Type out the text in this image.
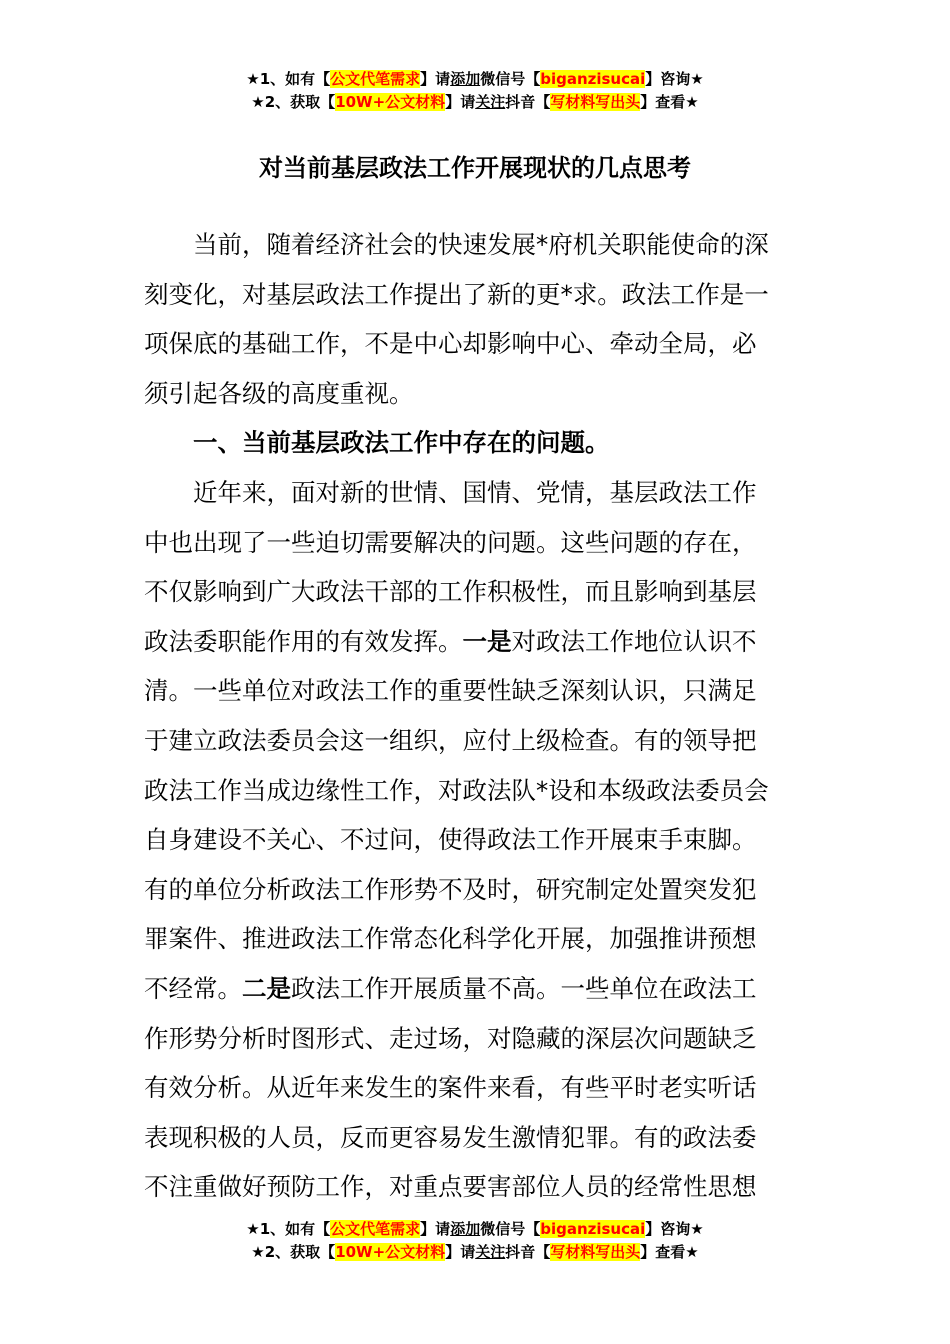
★1、如有【公文代笔需求】请添加微信号【biganzisucai】咨询★
★2、获取【10W+公文材料】请关注抖音【写材料写出头】查看★
对当前基层政法工作开展现状的几点思考

当前，随着经济社会的快速发展*府机关职能使命的深
刻变化，对基层政法工作提出了新的更*求。政法工作是一
项保底的基础工作，不是中心却影响中心、牵动全局，必
须引起各级的高度重视。

一、当前基层政法工作中存在的问题。

近年来，面对新的世情、国情、党情，基层政法工作
中也出现了一些迫切需要解决的问题。这些问题的存在，
不仅影响到广大政法干部的工作积极性，而且影响到基层
政法委职能作用的有效发挥。一是对政法工作地位认识不
清。一些单位对政法工作的重要性缺乏深刻认识，只满足
于建立政法委员会这一组织，应付上级检查。有的领导把
政法工作当成边缘性工作，对政法队*设和本级政法委员会
自身建设不关心、不过问，使得政法工作开展束手束脚。
有的单位分析政法工作形势不及时，研究制定处置突发犯
罪案件、推进政法工作常态化科学化开展，加强推讲预想
不经常。二是政法工作开展质量不高。一些单位在政法工
作形势分析时图形式、走过场，对隐藏的深层次问题缺乏
有效分析。从近年来发生的案件来看，有些平时老实听话
表现积极的人员，反而更容易发生激情犯罪。有的政法委
不注重做好预防工作，对重点要害部位人员的经常性思想

★1、如有【公文代笔需求】请添加微信号【biganzisucai】咨询★
★2、获取【10W+公文材料】请关注抖音【写材料写出头】查看★
